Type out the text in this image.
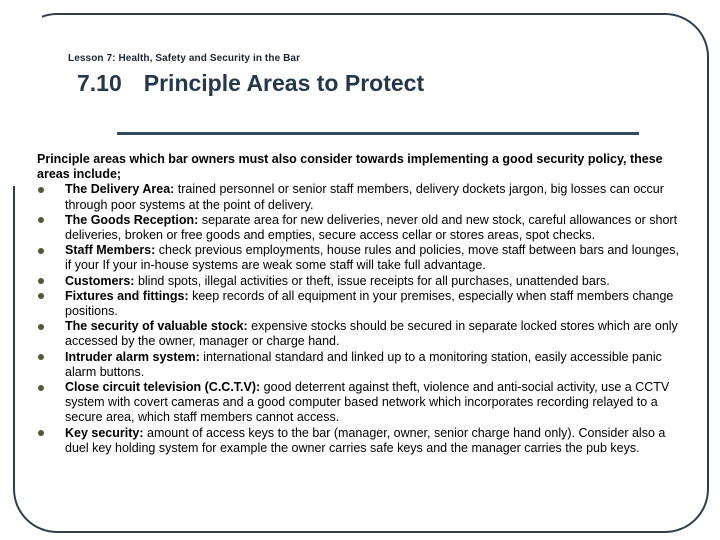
Lesson 7: Health, Safety and Security in the Bar
7.10 Principle Areas to Protect

Principle areas which bar owners must also consider towards implementing a good security policy, these areas include;

The Delivery Area: trained personnel or senior staff members, delivery dockets jargon, big losses can occur through poor systems at the point of delivery.
The Goods Reception: separate area for new deliveries, never old and new stock, careful allowances or short deliveries, broken or free goods and empties, secure access cellar or stores areas, spot checks.
Staff Members: check previous employments, house rules and policies, move staff between bars and lounges, if your If your in-house systems are weak some staff will take full advantage.
Customers: blind spots, illegal activities or theft, issue receipts for all purchases, unattended bars.
Fixtures and fittings: keep records of all equipment in your premises, especially when staff members change positions.
The security of valuable stock: expensive stocks should be secured in separate locked stores which are only accessed by the owner, manager or charge hand.
Intruder alarm system: international standard and linked up to a monitoring station, easily accessible panic alarm buttons.
Close circuit television (C.C.T.V): good deterrent against theft, violence and anti-social activity, use a CCTV system with covert cameras and a good computer based network which incorporates recording relayed to a secure area, which staff members cannot access.
Key security: amount of access keys to the bar (manager, owner, senior charge hand only). Consider also a duel key holding system for example the owner carries safe keys and the manager carries the pub keys.
